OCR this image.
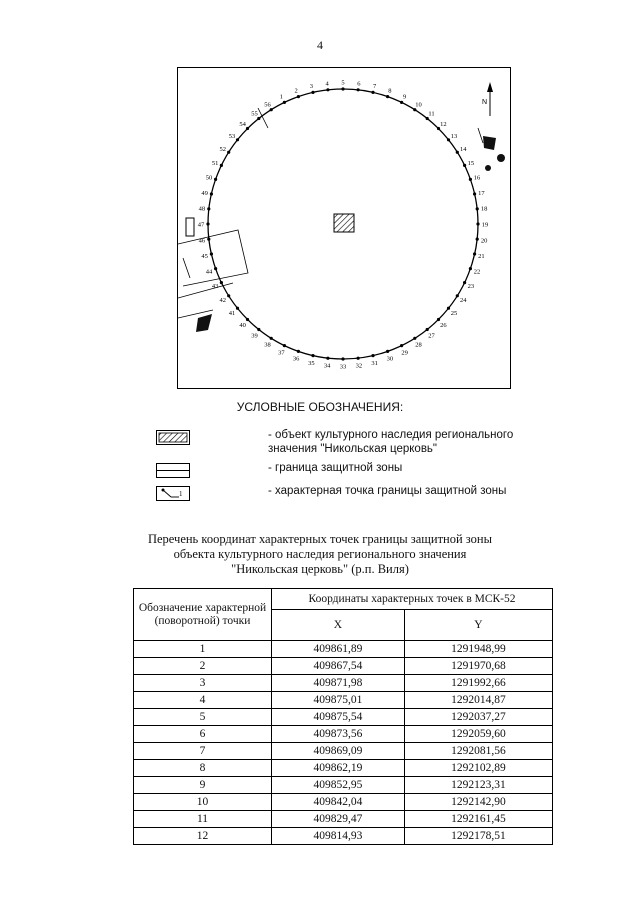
4
N
1
2
3 4 5 6 7
8
9
10
11
12
13
14
15
16
17
18
19
20
21
22
23
24
25
26
27
28
29
30
31
32
33
34
35
36
37
38
39
40
41
42
43
44
45
46
47
48
49
50
51
52
53
54
55
56
УСЛОВНЫЕ ОБОЗНАЧЕНИЯ:
- объект культурного наследия регионального значения "Никольская церковь"
- граница защитной зоны
1	- характерная точка границы защитной зоны
Перечень координат характерных точек границы защитной зоны
объекта культурного наследия регионального значения
"Никольская церковь" (р.п. Виля)
Обозначение характерной (поворотной) точки	Координаты характерных точек в МСК-52	
	X	Y
1	409861,89	1291948,99
2	409867,54	1291970,68
3	409871,98	1291992,66
4	409875,01	1292014,87
5	409875,54	1292037,27
6	409873,56	1292059,60
7	409869,09	1292081,56
8	409862,19	1292102,89
9	409852,95	1292123,31
10	409842,04	1292142,90
11	409829,47	1292161,45
12	409814,93	1292178,51
